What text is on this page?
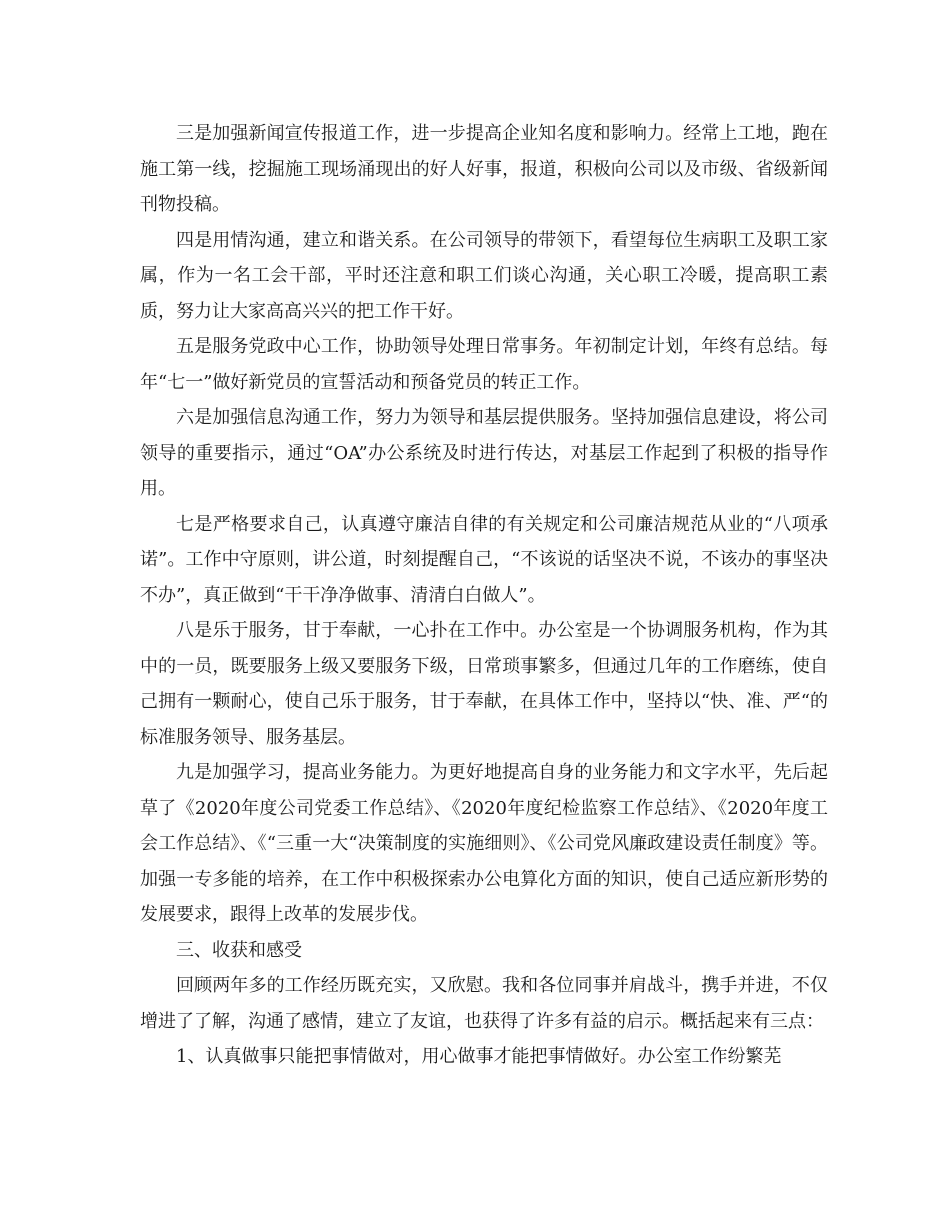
三是加强新闻宣传报道工作，进一步提高企业知名度和影响力。经常上工地，跑在施工第一线，挖掘施工现场涌现出的好人好事，报道，积极向公司以及市级、省级新闻刊物投稿。

四是用情沟通，建立和谐关系。在公司领导的带领下，看望每位生病职工及职工家属，作为一名工会干部，平时还注意和职工们谈心沟通，关心职工冷暖，提高职工素质，努力让大家高高兴兴的把工作干好。

五是服务党政中心工作，协助领导处理日常事务。年初制定计划，年终有总结。每年“七一”做好新党员的宣誓活动和预备党员的转正工作。

六是加强信息沟通工作，努力为领导和基层提供服务。坚持加强信息建设，将公司领导的重要指示，通过“OA”办公系统及时进行传达，对基层工作起到了积极的指导作用。

七是严格要求自己，认真遵守廉洁自律的有关规定和公司廉洁规范从业的“八项承诺”。工作中守原则，讲公道，时刻提醒自己，“不该说的话坚决不说，不该办的事坚决不办”，真正做到“干干净净做事、清清白白做人”。

八是乐于服务，甘于奉献，一心扑在工作中。办公室是一个协调服务机构，作为其中的一员，既要服务上级又要服务下级，日常琐事繁多，但通过几年的工作磨练，使自己拥有一颗耐心，使自己乐于服务，甘于奉献，在具体工作中，坚持以“快、准、严“的标准服务领导、服务基层。

九是加强学习，提高业务能力。为更好地提高自身的业务能力和文字水平，先后起草了《2020年度公司党委工作总结》、《2020年度纪检监察工作总结》、《2020年度工会工作总结》、《“三重一大“决策制度的实施细则》、《公司党风廉政建设责任制度》等。加强一专多能的培养，在工作中积极探索办公电算化方面的知识，使自己适应新形势的发展要求，跟得上改革的发展步伐。

三、收获和感受

回顾两年多的工作经历既充实，又欣慰。我和各位同事并肩战斗，携手并进，不仅增进了了解，沟通了感情，建立了友谊，也获得了许多有益的启示。概括起来有三点：

1、认真做事只能把事情做对，用心做事才能把事情做好。办公室工作纷繁芜
